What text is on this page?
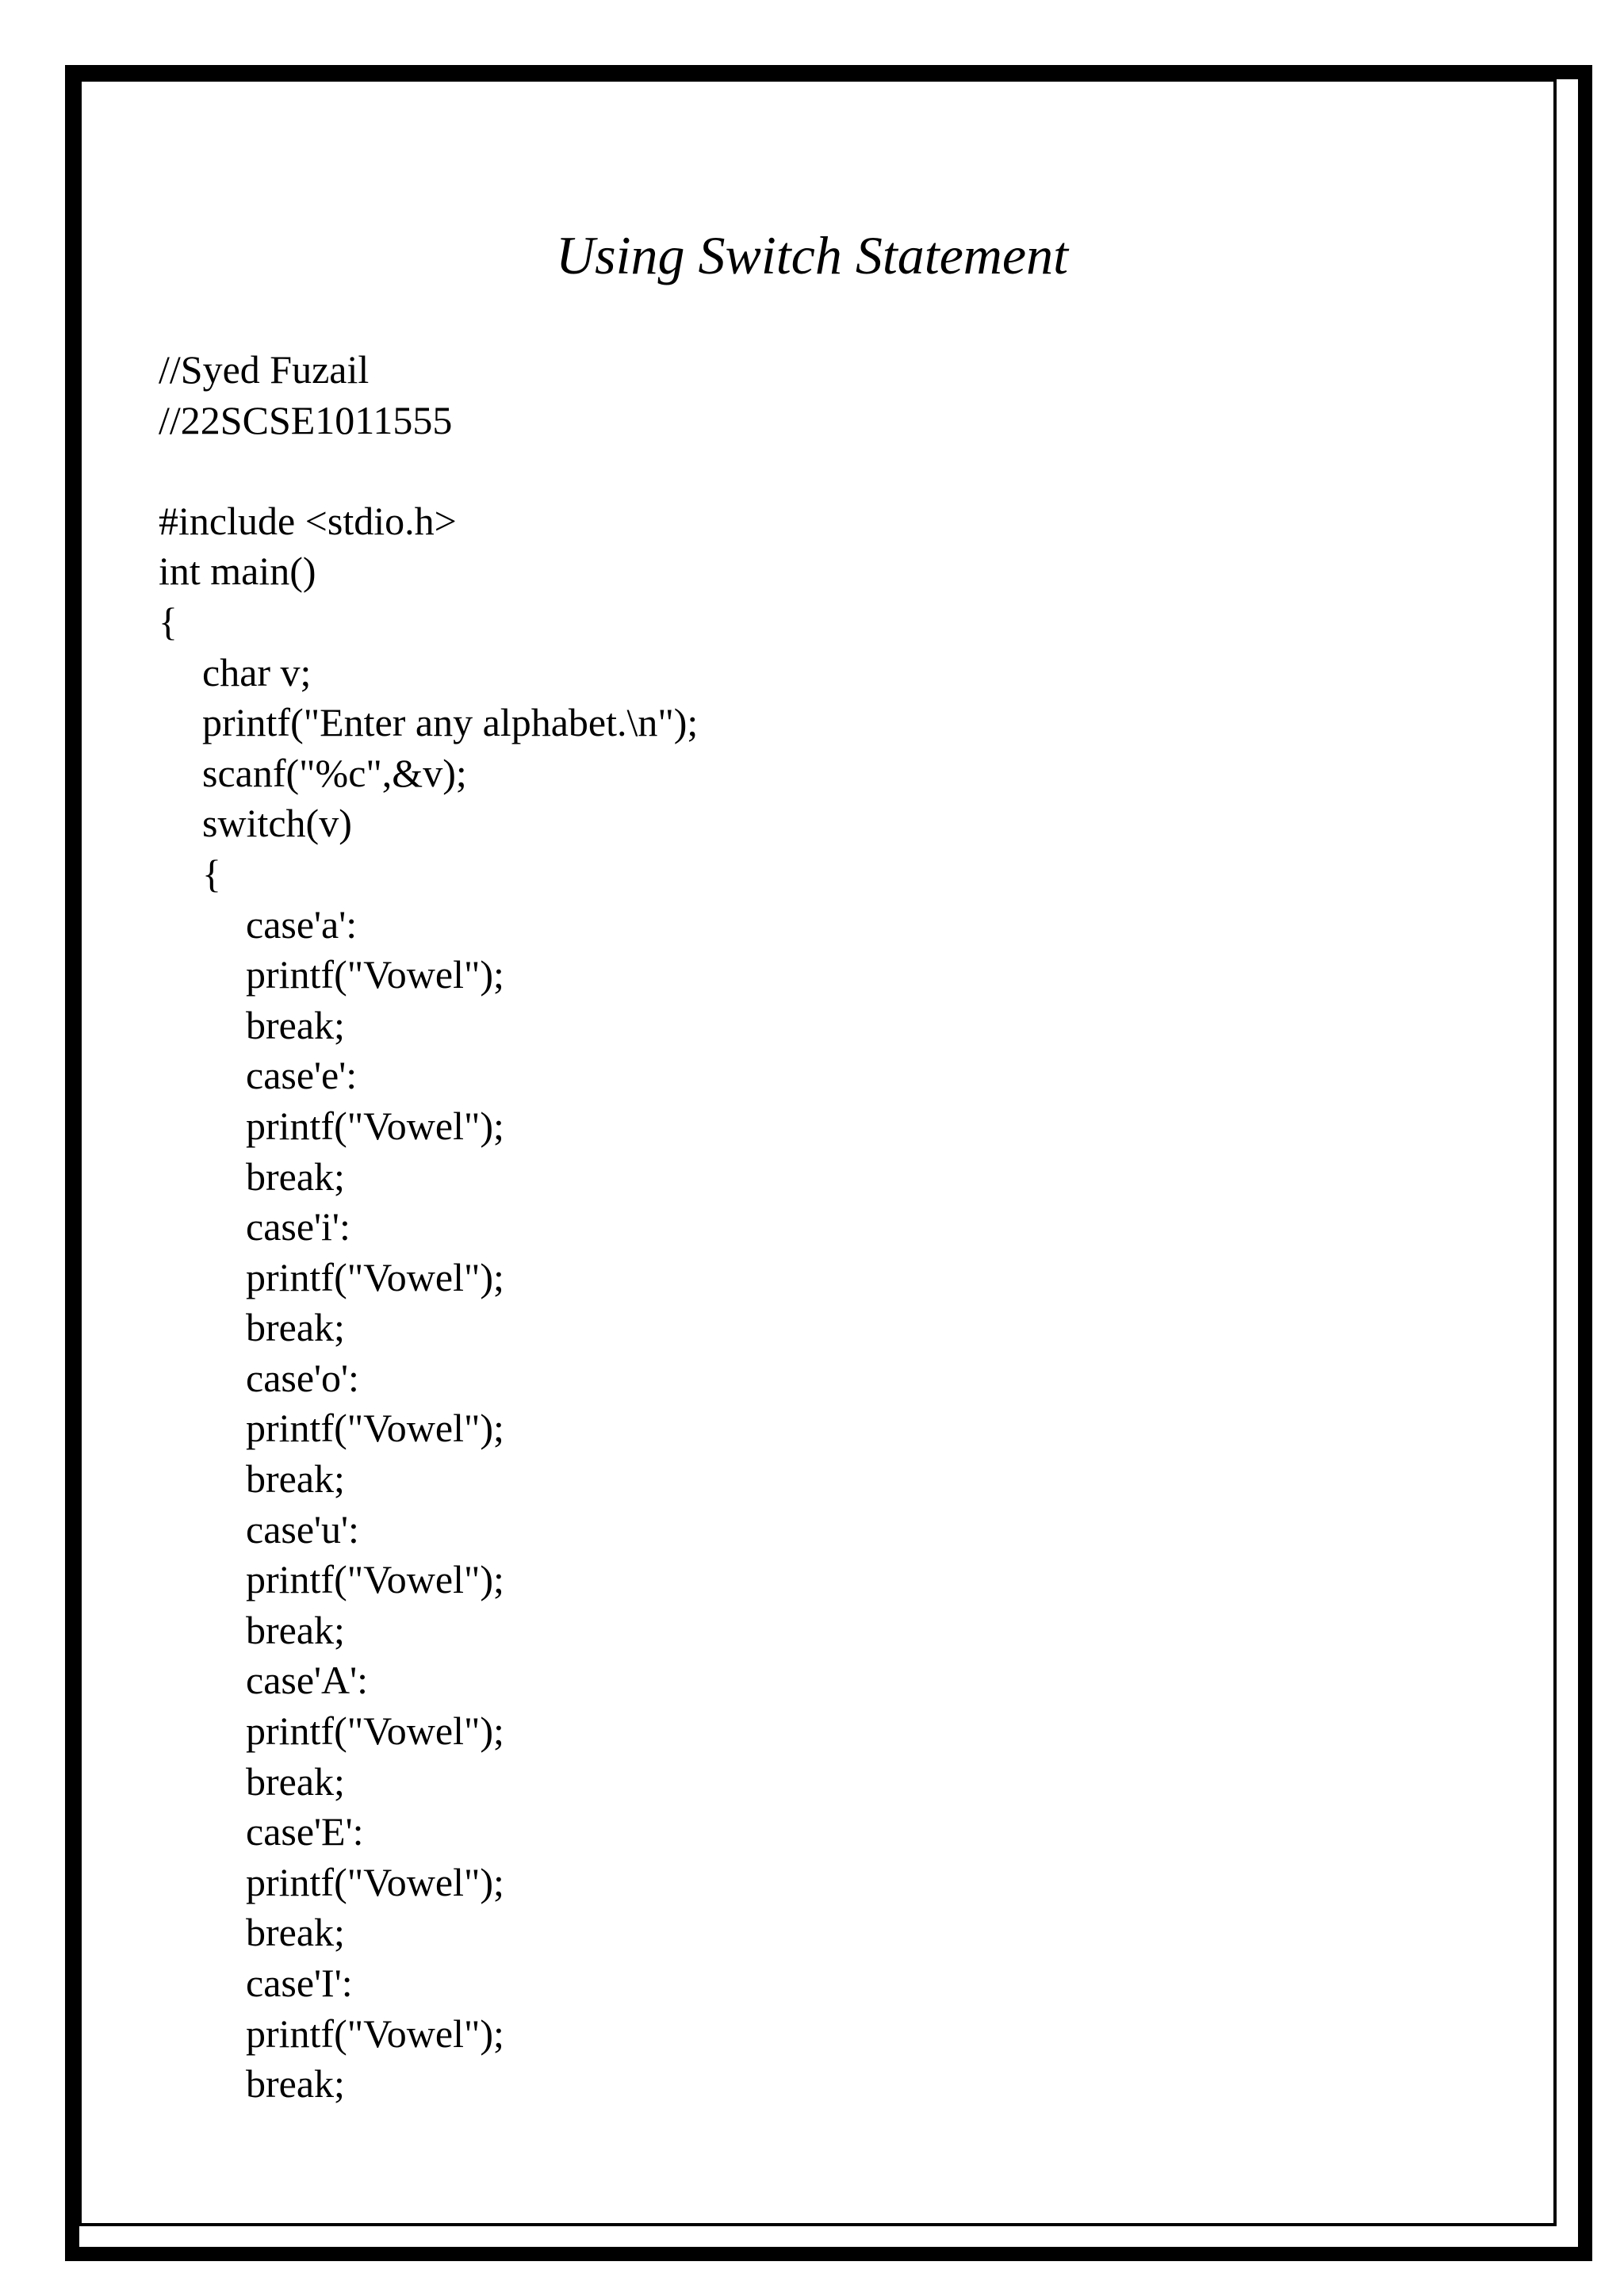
Using Switch Statement
//Syed Fuzail
//22SCSE1011555
#include <stdio.h>
int main()
{
char v;
printf("Enter any alphabet.\n");
scanf("%c",&v);
switch(v)
{
case'a':
printf("Vowel");
break;
case'e':
printf("Vowel");
break;
case'i':
printf("Vowel");
break;
case'o':
printf("Vowel");
break;
case'u':
printf("Vowel");
break;
case'A':
printf("Vowel");
break;
case'E':
printf("Vowel");
break;
case'I':
printf("Vowel");
break;
